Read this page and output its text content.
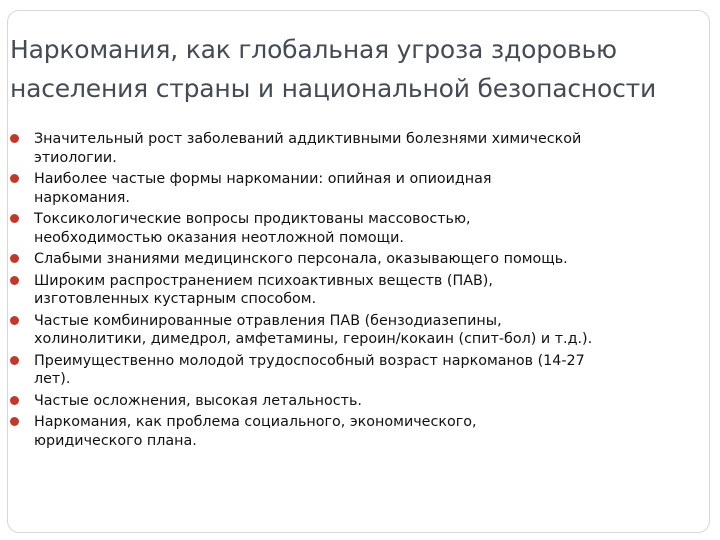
Наркомания, как глобальная угроза здоровью
населения страны и национальной безопасности
Значительный рост заболеваний аддиктивными болезнями химической
этиологии.
Наиболее частые формы наркомании: опийная и опиоидная
наркомания.
Токсикологические вопросы продиктованы массовостью,
необходимостью оказания неотложной помощи.
Слабыми знаниями медицинского персонала, оказывающего помощь.
Широким распространением психоактивных веществ (ПАВ),
изготовленных кустарным способом.
Частые комбинированные отравления ПАВ (бензодиазепины,
холинолитики, димедрол, амфетамины, героин/кокаин (спит-бол) и т.д.).
Преимущественно молодой трудоспособный возраст наркоманов (14-27
лет).
Частые осложнения, высокая летальность.
Наркомания, как проблема социального, экономического,
юридического плана.
